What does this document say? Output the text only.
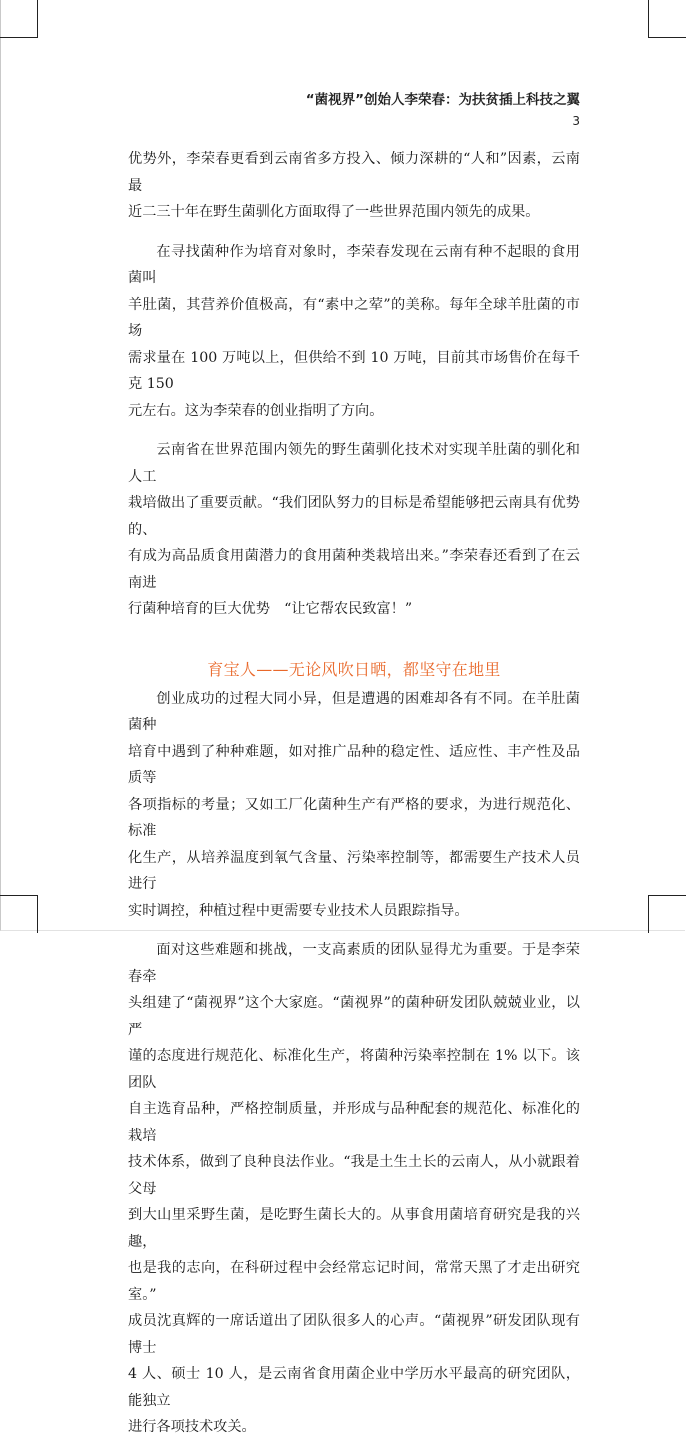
“菌视界”创始人李荣春：为扶贫插上科技之翼
3

优势外，李荣春更看到云南省多方投入、倾力深耕的“人和”因素，云南最
近二三十年在野生菌驯化方面取得了一些世界范围内领先的成果。

在寻找菌种作为培育对象时，李荣春发现在云南有种不起眼的食用菌叫
羊肚菌，其营养价值极高，有“素中之荤”的美称。每年全球羊肚菌的市场
需求量在 100 万吨以上，但供给不到 10 万吨，目前其市场售价在每千克 150
元左右。这为李荣春的创业指明了方向。

云南省在世界范围内领先的野生菌驯化技术对实现羊肚菌的驯化和人工
栽培做出了重要贡献。“我们团队努力的目标是希望能够把云南具有优势的、
有成为高品质食用菌潜力的食用菌种类栽培出来。”李荣春还看到了在云南进
行菌种培育的巨大优势　“让它帮农民致富！”

育宝人——无论风吹日晒，都坚守在地里

创业成功的过程大同小异，但是遭遇的困难却各有不同。在羊肚菌菌种
培育中遇到了种种难题，如对推广品种的稳定性、适应性、丰产性及品质等
各项指标的考量；又如工厂化菌种生产有严格的要求，为进行规范化、标准
化生产，从培养温度到氧气含量、污染率控制等，都需要生产技术人员进行
实时调控，种植过程中更需要专业技术人员跟踪指导。

面对这些难题和挑战，一支高素质的团队显得尤为重要。于是李荣春牵
头组建了“菌视界”这个大家庭。“菌视界”的菌种研发团队兢兢业业，以严
谨的态度进行规范化、标准化生产，将菌种污染率控制在 1% 以下。该团队
自主选育品种，严格控制质量，并形成与品种配套的规范化、标准化的栽培
技术体系，做到了良种良法作业。“我是土生土长的云南人，从小就跟着父母
到大山里采野生菌，是吃野生菌长大的。从事食用菌培育研究是我的兴趣，
也是我的志向，在科研过程中会经常忘记时间，常常天黑了才走出研究室。”
成员沈真辉的一席话道出了团队很多人的心声。“菌视界”研发团队现有博士
4 人、硕士 10 人，是云南省食用菌企业中学历水平最高的研究团队，能独立
进行各项技术攻关。
